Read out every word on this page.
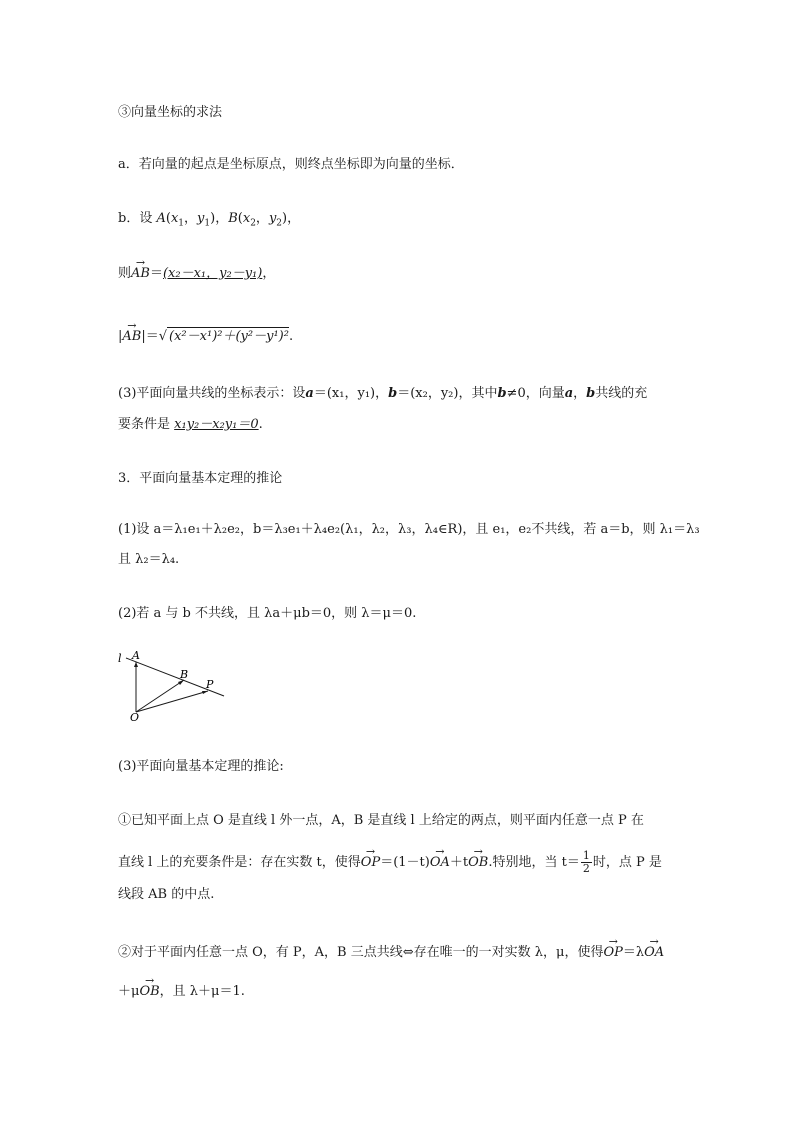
③向量坐标的求法
a．若向量的起点是坐标原点，则终点坐标即为向量的坐标．
b．设 $A(x_1$，$y_1$)，$B(x_2$，$y_2$)，
则→ AB＝(x₂－x₁，y₂－y₁)，
|→ AB|＝√ (x²－x¹)²＋(y²－y¹)².
(3)平面向量共线的坐标表示：设a＝(x₁，y₁)，b＝(x₂，y₂)，其中b≠0，向量a，b共线的充
要条件是 x₁y₂－x₂y₁＝0.
3．平面向量基本定理的推论
(1)设 a＝λ₁e₁＋λ₂e₂，b＝λ₃e₁＋λ₄e₂(λ₁，λ₂，λ₃，λ₄∈R)，且 e₁，e₂不共线，若 a＝b，则 λ₁＝λ₃
且 λ₂＝λ₄.
(2)若 a 与 b 不共线，且 λa＋μb＝0，则 λ＝μ＝0.
l A
B
P
O
(3)平面向量基本定理的推论:
①已知平面上点 O 是直线 l 外一点，A，B 是直线 l 上给定的两点，则平面内任意一点 P 在
直线 l 上的充要条件是：存在实数 t，使得→ OP＝(1－t)→ OA＋t→ OB.特别地，当 $t= \frac{1}{2}$ 时，点 P 是
线段 AB 的中点.
②对于平面内任意一点 O，有 P，A，B 三点共线⇔存在唯一的一对实数 λ，μ，使得→ OP＝λ→ OA
＋μ→ OB，且 λ＋μ＝1.
